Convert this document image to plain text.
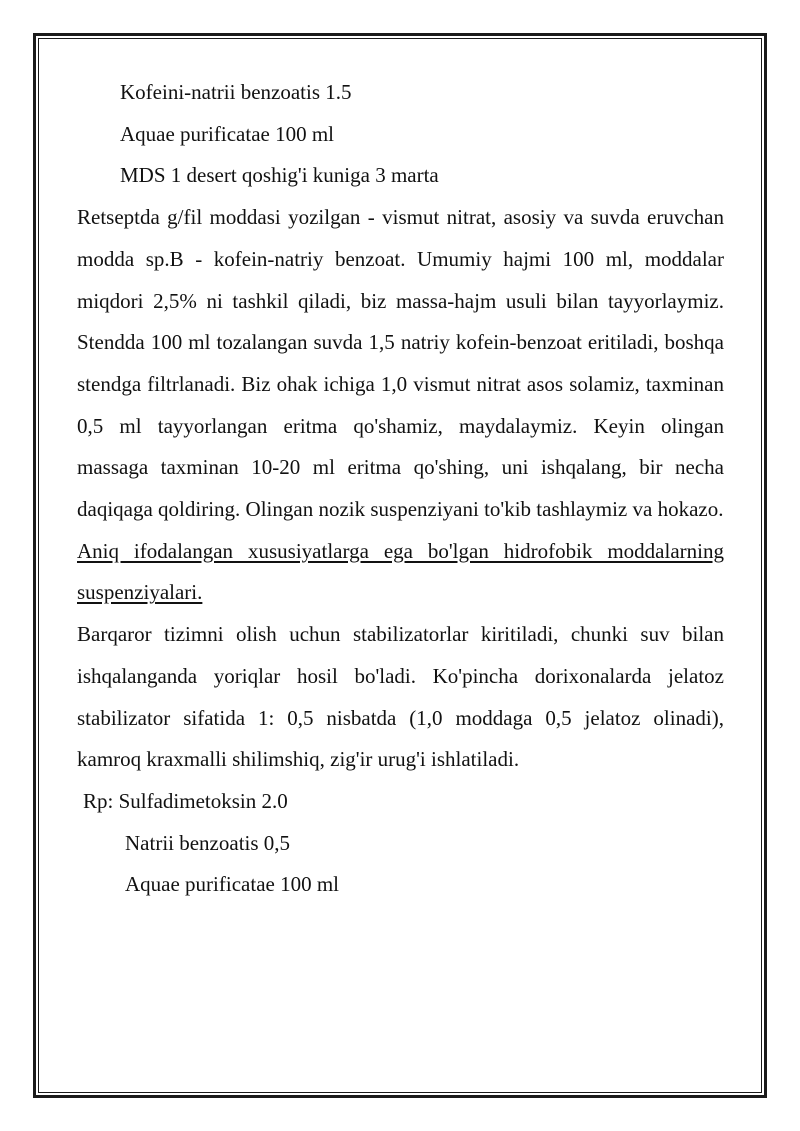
Kofeini-natrii benzoatis 1.5
Aquae purificatae 100 ml
MDS 1 desert qoshig'i kuniga 3 marta
Retseptda g/fil moddasi yozilgan - vismut nitrat, asosiy va suvda eruvchan modda sp.B - kofein-natriy benzoat. Umumiy hajmi 100 ml, moddalar miqdori 2,5% ni tashkil qiladi, biz massa-hajm usuli bilan tayyorlaymiz. Stendda 100 ml tozalangan suvda 1,5 natriy kofein-benzoat eritiladi, boshqa stendga filtrlanadi. Biz ohak ichiga 1,0 vismut nitrat asos solamiz, taxminan 0,5 ml tayyorlangan eritma qo'shamiz, maydalaymiz. Keyin olingan massaga taxminan 10-20 ml eritma qo'shing, uni ishqalang, bir necha daqiqaga qoldiring. Olingan nozik suspenziyani to'kib tashlaymiz va hokazo.
Aniq ifodalangan xususiyatlarga ega bo'lgan hidrofobik moddalarning suspenziyalari.
Barqaror tizimni olish uchun stabilizatorlar kiritiladi, chunki suv bilan ishqalanganda yoriqlar hosil bo'ladi. Ko'pincha dorixonalarda jelatoz stabilizator sifatida 1: 0,5 nisbatda (1,0 moddaga 0,5 jelatoz olinadi), kamroq kraxmalli shilimshiq, zig'ir urug'i ishlatiladi.
Rp: Sulfadimetoksin 2.0
Natrii benzoatis 0,5
Aquae purificatae 100 ml
